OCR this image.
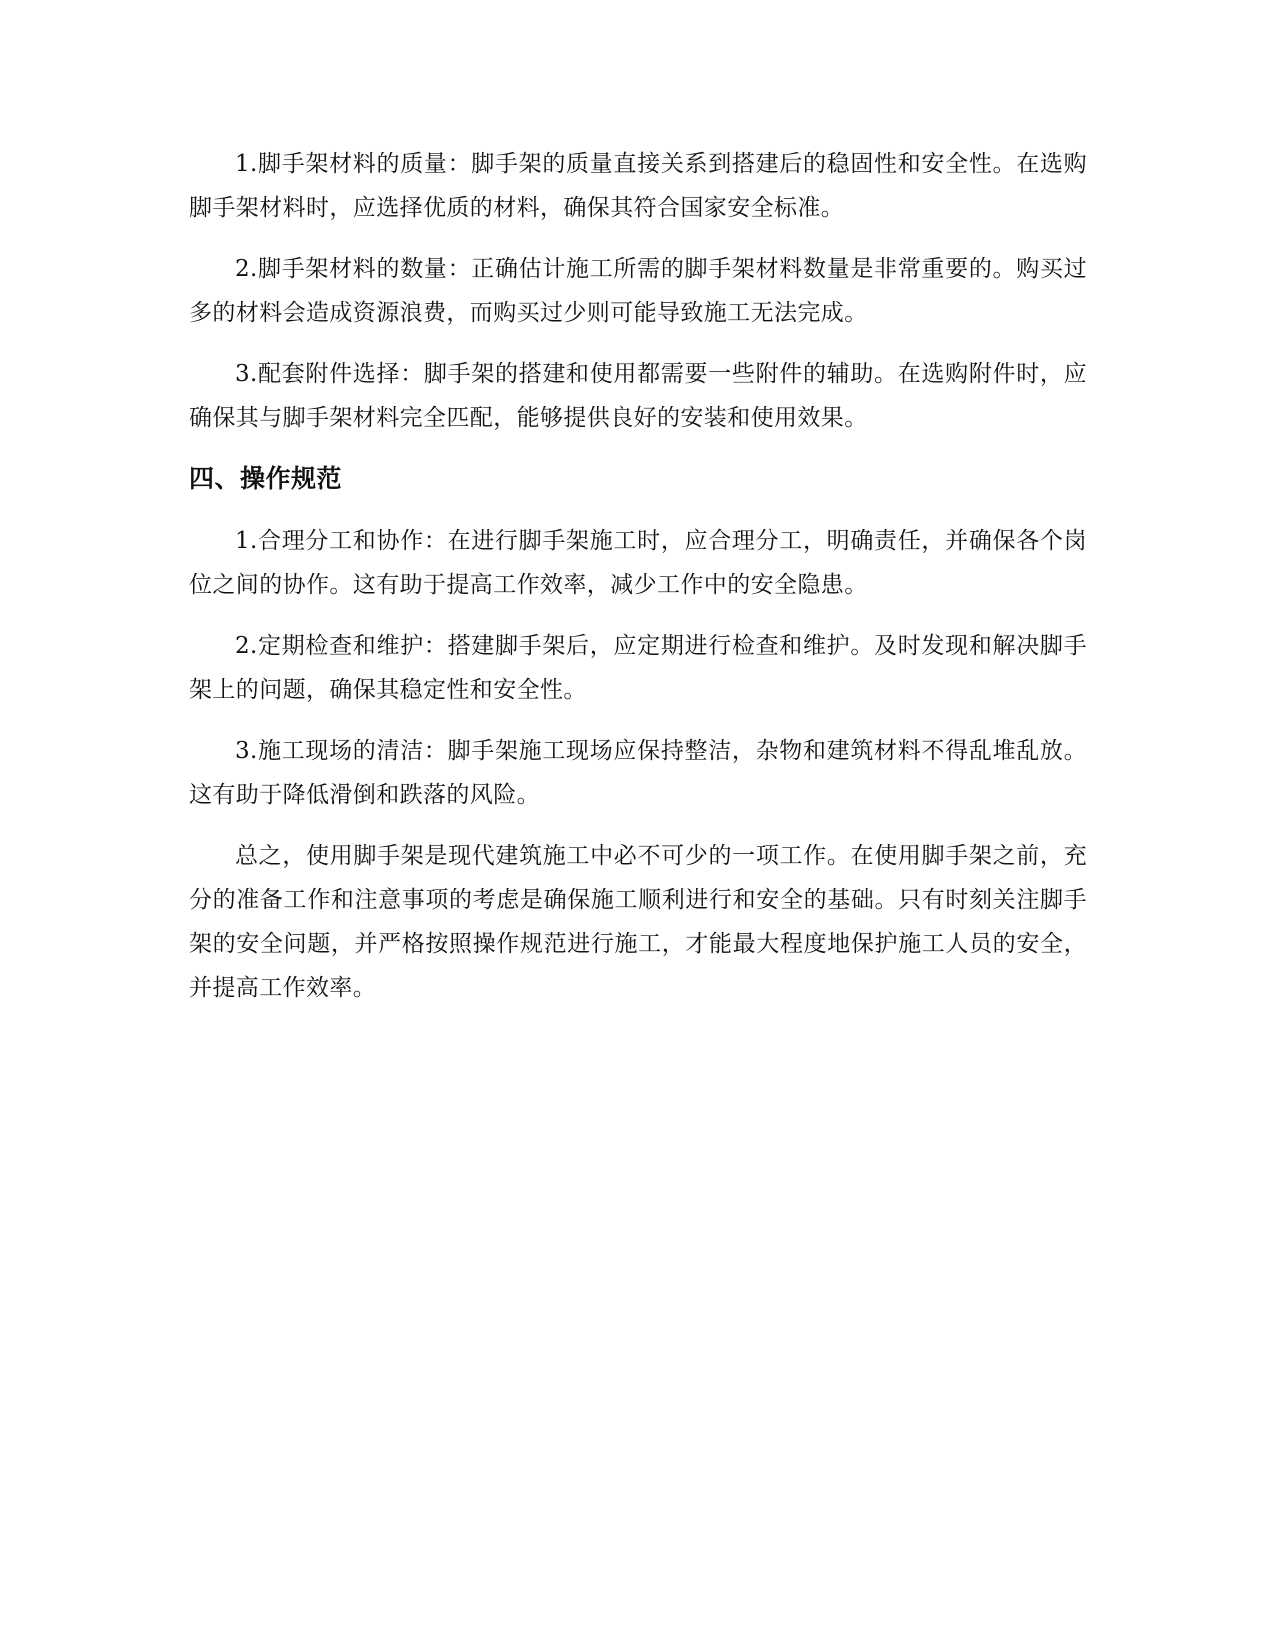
1.脚手架材料的质量：脚手架的质量直接关系到搭建后的稳固性和安全性。在选购脚手架材料时，应选择优质的材料，确保其符合国家安全标准。

2.脚手架材料的数量：正确估计施工所需的脚手架材料数量是非常重要的。购买过多的材料会造成资源浪费，而购买过少则可能导致施工无法完成。

3.配套附件选择：脚手架的搭建和使用都需要一些附件的辅助。在选购附件时，应确保其与脚手架材料完全匹配，能够提供良好的安装和使用效果。

四、操作规范

1.合理分工和协作：在进行脚手架施工时，应合理分工，明确责任，并确保各个岗位之间的协作。这有助于提高工作效率，减少工作中的安全隐患。

2.定期检查和维护：搭建脚手架后，应定期进行检查和维护。及时发现和解决脚手架上的问题，确保其稳定性和安全性。

3.施工现场的清洁：脚手架施工现场应保持整洁，杂物和建筑材料不得乱堆乱放。这有助于降低滑倒和跌落的风险。

总之，使用脚手架是现代建筑施工中必不可少的一项工作。在使用脚手架之前，充分的准备工作和注意事项的考虑是确保施工顺利进行和安全的基础。只有时刻关注脚手架的安全问题，并严格按照操作规范进行施工，才能最大程度地保护施工人员的安全，并提高工作效率。
